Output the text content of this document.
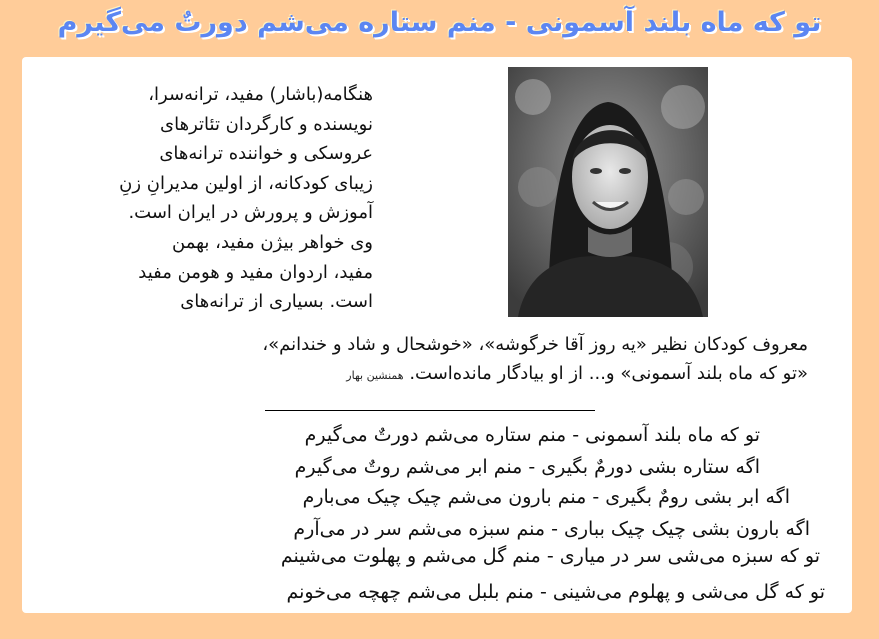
تو که ماه بلند آسمونی - منم ستاره می‌شم دورتٌ می‌گیرم
هنگامه(باشار) مفید، ترانه‌سرا،
نویسنده و کارگردان تئاترهای
عروسکی و خواننده ترانه‌های
زیبای کودکانه، از اولین مدیرانِ زنِ
آموزش و پرورش در ایران است.
وی خواهر بیژن مفید، بهمن
مفید، اردوان مفید و هومن مفید
است. بسیاری از ترانه‌های
معروف کودکان نظیر «یه روز آقا خرگوشه»، «خوشحال و شاد و خندانم»،
«تو که ماه بلند آسمونی» و... از او بیادگار مانده‌است. همنشین بهار
تو که ماه بلند آسمونی - منم ستاره می‌شم دورتٌ می‌گیرم
اگه ستاره بشی دورمٌ بگیری - منم ابر می‌شم روتٌ می‌گیرم
اگه ابر بشی رومٌ بگیری - منم بارون می‌شم چیک چیک می‌بارم
اگه بارون بشی چیک چیک بباری - منم سبزه می‌شم سر در می‌آرم
تو که سبزه می‌شی سر در میاری - منم گل می‌شم و پهلوت می‌شینم
تو که گل می‌شی و پهلوم می‌شینی - منم بلبل می‌شم چهچه می‌خونم
